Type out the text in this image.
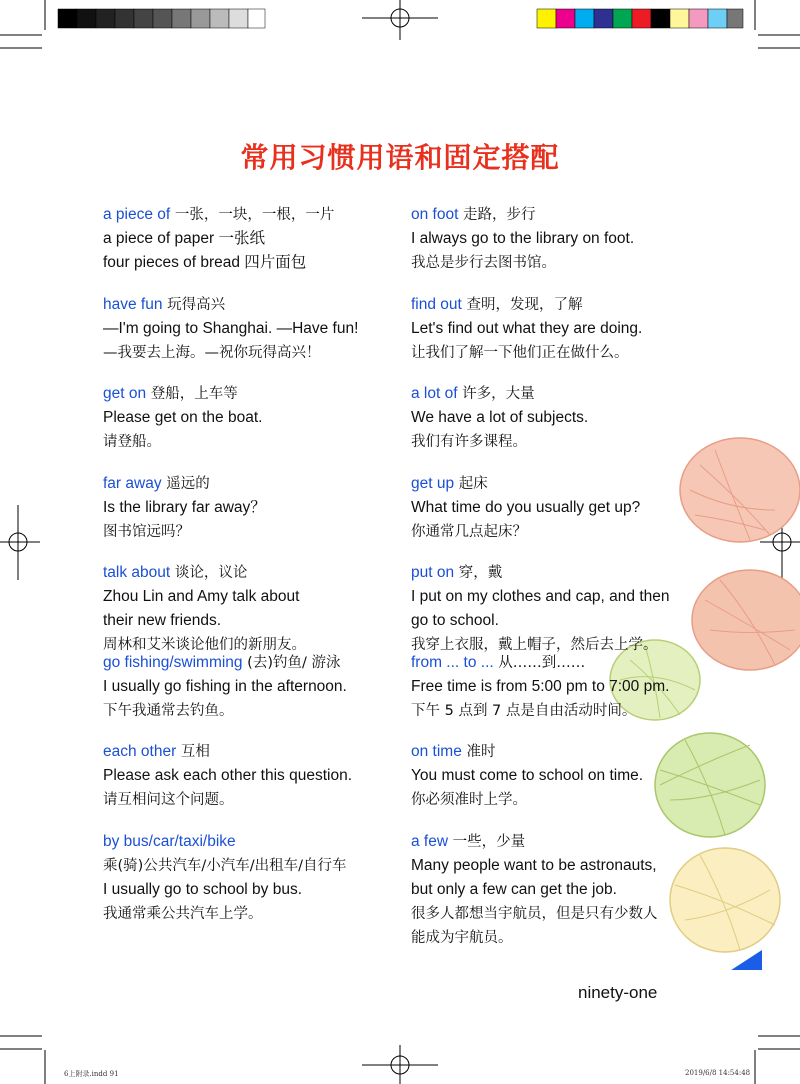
常用习惯用语和固定搭配
a piece of 一张，一块，一根，一片
a piece of paper 一张纸
four pieces of bread 四片面包
have fun 玩得高兴
—I'm going to Shanghai. —Have fun!
—我要去上海。—祝你玩得高兴！
get on 登船，上车等
Please get on the boat.
请登船。
far away 遥远的
Is the library far away？
图书馆远吗？
talk about 谈论，议论
Zhou Lin and Amy talk about
their new friends.
周林和艾米谈论他们的新朋友。
go fishing/swimming (去)钓鱼/ 游泳
I usually go fishing in the afternoon.
下午我通常去钓鱼。
each other 互相
Please ask each other this question.
请互相问这个问题。
by bus/car/taxi/bike
乘(骑)公共汽车/小汽车/出租车/自行车
I usually go to school by bus.
我通常乘公共汽车上学。
on foot 走路，步行
I always go to the library on foot.
我总是步行去图书馆。
find out 查明，发现，了解
Let's find out what they are doing.
让我们了解一下他们正在做什么。
a lot of 许多，大量
We have a lot of subjects.
我们有许多课程。
get up 起床
What time do you usually get up?
你通常几点起床？
put on 穿，戴
I put on my clothes and cap, and then
go to school.
我穿上衣服，戴上帽子，然后去上学。
from ... to ... 从……到……
Free time is from 5:00 pm to 7:00 pm.
下午 5 点到 7 点是自由活动时间。
on time 准时
You must come to school on time.
你必须准时上学。
a few 一些，少量
Many people want to be astronauts,
but only a few can get the job.
很多人都想当宇航员，但是只有少数人
能成为宇航员。
ninety-one	91
6上附录.indd 91	2019/6/8 14:54:48
